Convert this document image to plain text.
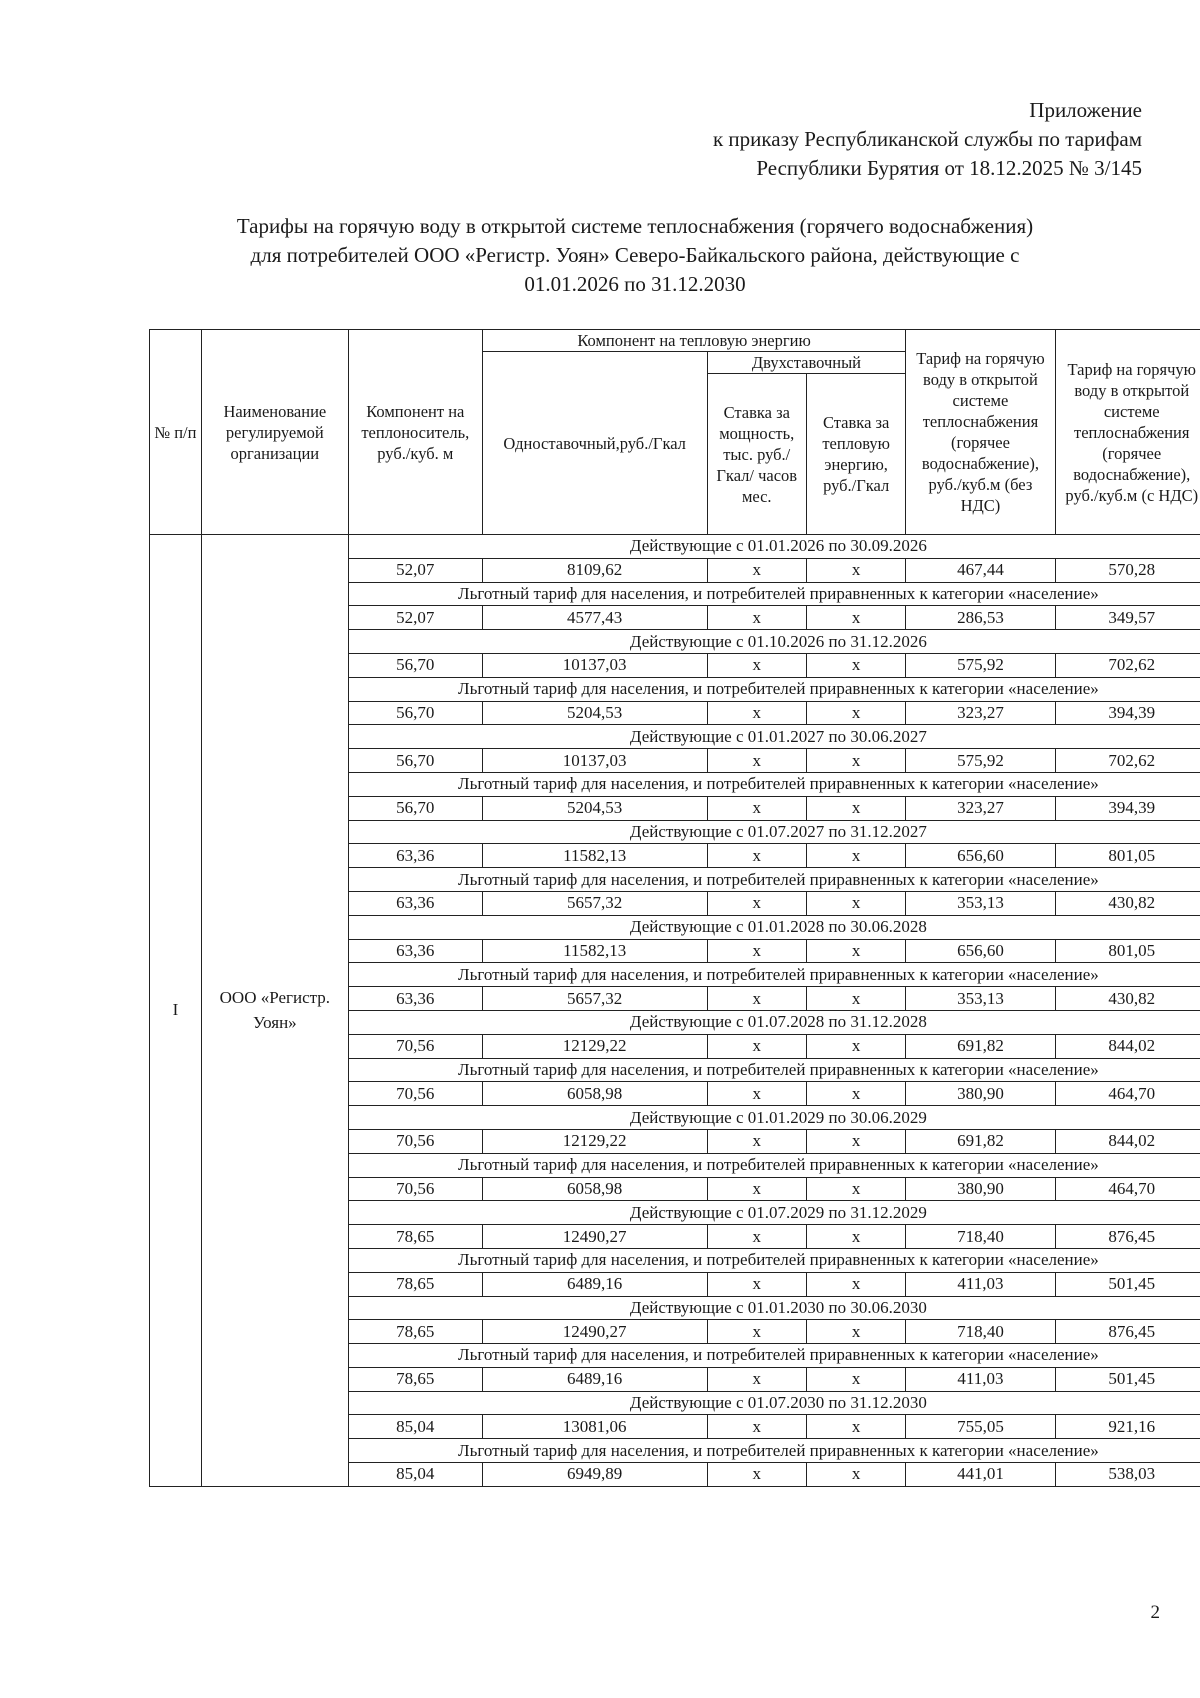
Приложение
к приказу Республиканской службы по тарифам
Республики Бурятия от 18.12.2025 № 3/145
Тарифы на горячую воду в открытой системе теплоснабжения (горячего водоснабжения)
для потребителей ООО «Регистр. Уоян» Северо-Байкальского района, действующие с
01.01.2026 по 31.12.2030
№ п/п	Наименование регулируемой организации	Компонент на теплоноситель, руб./куб. м	Компонент на тепловую энергию			Тариф на горячую воду в открытой системе теплоснабжения (горячее водоснабжение), руб./куб.м (без НДС)	Тариф на горячую воду в открытой системе теплоснабжения (горячее водоснабжение), руб./куб.м (с НДС)
			Одноставочный,руб./Гкал	Двухставочный			
				Ставка за мощность, тыс. руб./Гкал/ часов мес.	Ставка за тепловую энергию, руб./Гкал		
I	ООО «Регистр. Уоян»	Действующие с 01.01.2026 по 30.09.2026					
		52,07	8109,62	х	х	467,44	570,28
		Льготный тариф для населения, и потребителей приравненных к категории «население»					
		52,07	4577,43	х	х	286,53	349,57
		Действующие с 01.10.2026 по 31.12.2026					
		56,70	10137,03	х	х	575,92	702,62
		Льготный тариф для населения, и потребителей приравненных к категории «население»					
		56,70	5204,53	х	х	323,27	394,39
		Действующие с 01.01.2027 по 30.06.2027					
		56,70	10137,03	х	х	575,92	702,62
		Льготный тариф для населения, и потребителей приравненных к категории «население»					
		56,70	5204,53	х	х	323,27	394,39
		Действующие с 01.07.2027 по 31.12.2027					
		63,36	11582,13	х	х	656,60	801,05
		Льготный тариф для населения, и потребителей приравненных к категории «население»					
		63,36	5657,32	х	х	353,13	430,82
		Действующие с 01.01.2028 по 30.06.2028					
		63,36	11582,13	х	х	656,60	801,05
		Льготный тариф для населения, и потребителей приравненных к категории «население»					
		63,36	5657,32	х	х	353,13	430,82
		Действующие с 01.07.2028 по 31.12.2028					
		70,56	12129,22	х	х	691,82	844,02
		Льготный тариф для населения, и потребителей приравненных к категории «население»					
		70,56	6058,98	х	х	380,90	464,70
		Действующие с 01.01.2029 по 30.06.2029					
		70,56	12129,22	х	х	691,82	844,02
		Льготный тариф для населения, и потребителей приравненных к категории «население»					
		70,56	6058,98	х	х	380,90	464,70
		Действующие с 01.07.2029 по 31.12.2029					
		78,65	12490,27	х	х	718,40	876,45
		Льготный тариф для населения, и потребителей приравненных к категории «население»					
		78,65	6489,16	х	х	411,03	501,45
		Действующие с 01.01.2030 по 30.06.2030					
		78,65	12490,27	х	х	718,40	876,45
		Льготный тариф для населения, и потребителей приравненных к категории «население»					
		78,65	6489,16	х	х	411,03	501,45
		Действующие с 01.07.2030 по 31.12.2030					
		85,04	13081,06	х	х	755,05	921,16
		Льготный тариф для населения, и потребителей приравненных к категории «население»					
		85,04	6949,89	х	х	441,01	538,03
2
